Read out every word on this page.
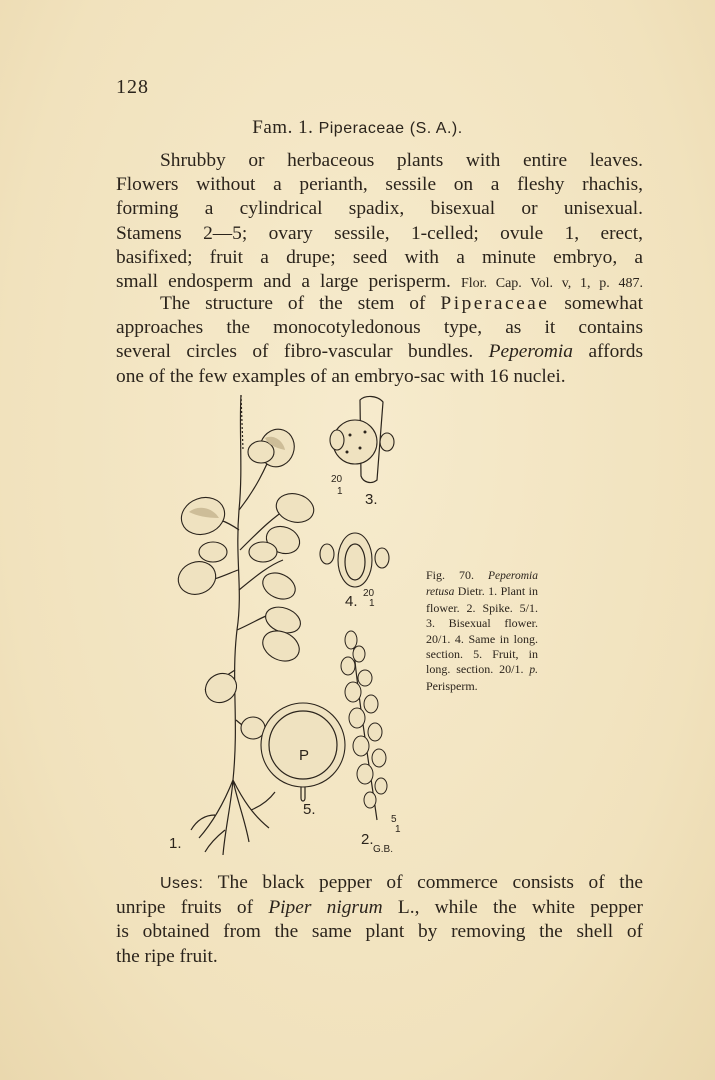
128
Fam. 1. Piperaceae (S. A.).

Shrubby or herbaceous plants with entire leaves.

Flowers without a perianth, sessile on a fleshy rhachis,

forming a cylindrical spadix, bisexual or unisexual.

Stamens 2—5; ovary sessile, 1-celled; ovule 1, erect,

basifixed; fruit a drupe; seed with a minute embryo, a

small endosperm and a large perisperm. Flor. Cap. Vol. v, 1, p. 487.

The structure of the stem of Piperaceae somewhat

approaches the monocotyledonous type, as it contains

several circles of fibro-vascular bundles. Peperomia affords

one of the few examples of an embryo-sac with 16 nuclei.

1.	2.
3.
4.
5.
P
G.B.
20
1
20
1
5
1
Fig. 70. Peperomia retusa Dietr. 1. Plant in flower. 2. Spike. 5/1. 3. Bisexual flower. 20/1. 4. Same in long. section. 5. Fruit, in long. section. 20/1. p. Perisperm.

Uses: The black pepper of commerce consists of the

unripe fruits of Piper nigrum L., while the white pepper

is obtained from the same plant by removing the shell of

the ripe fruit.
